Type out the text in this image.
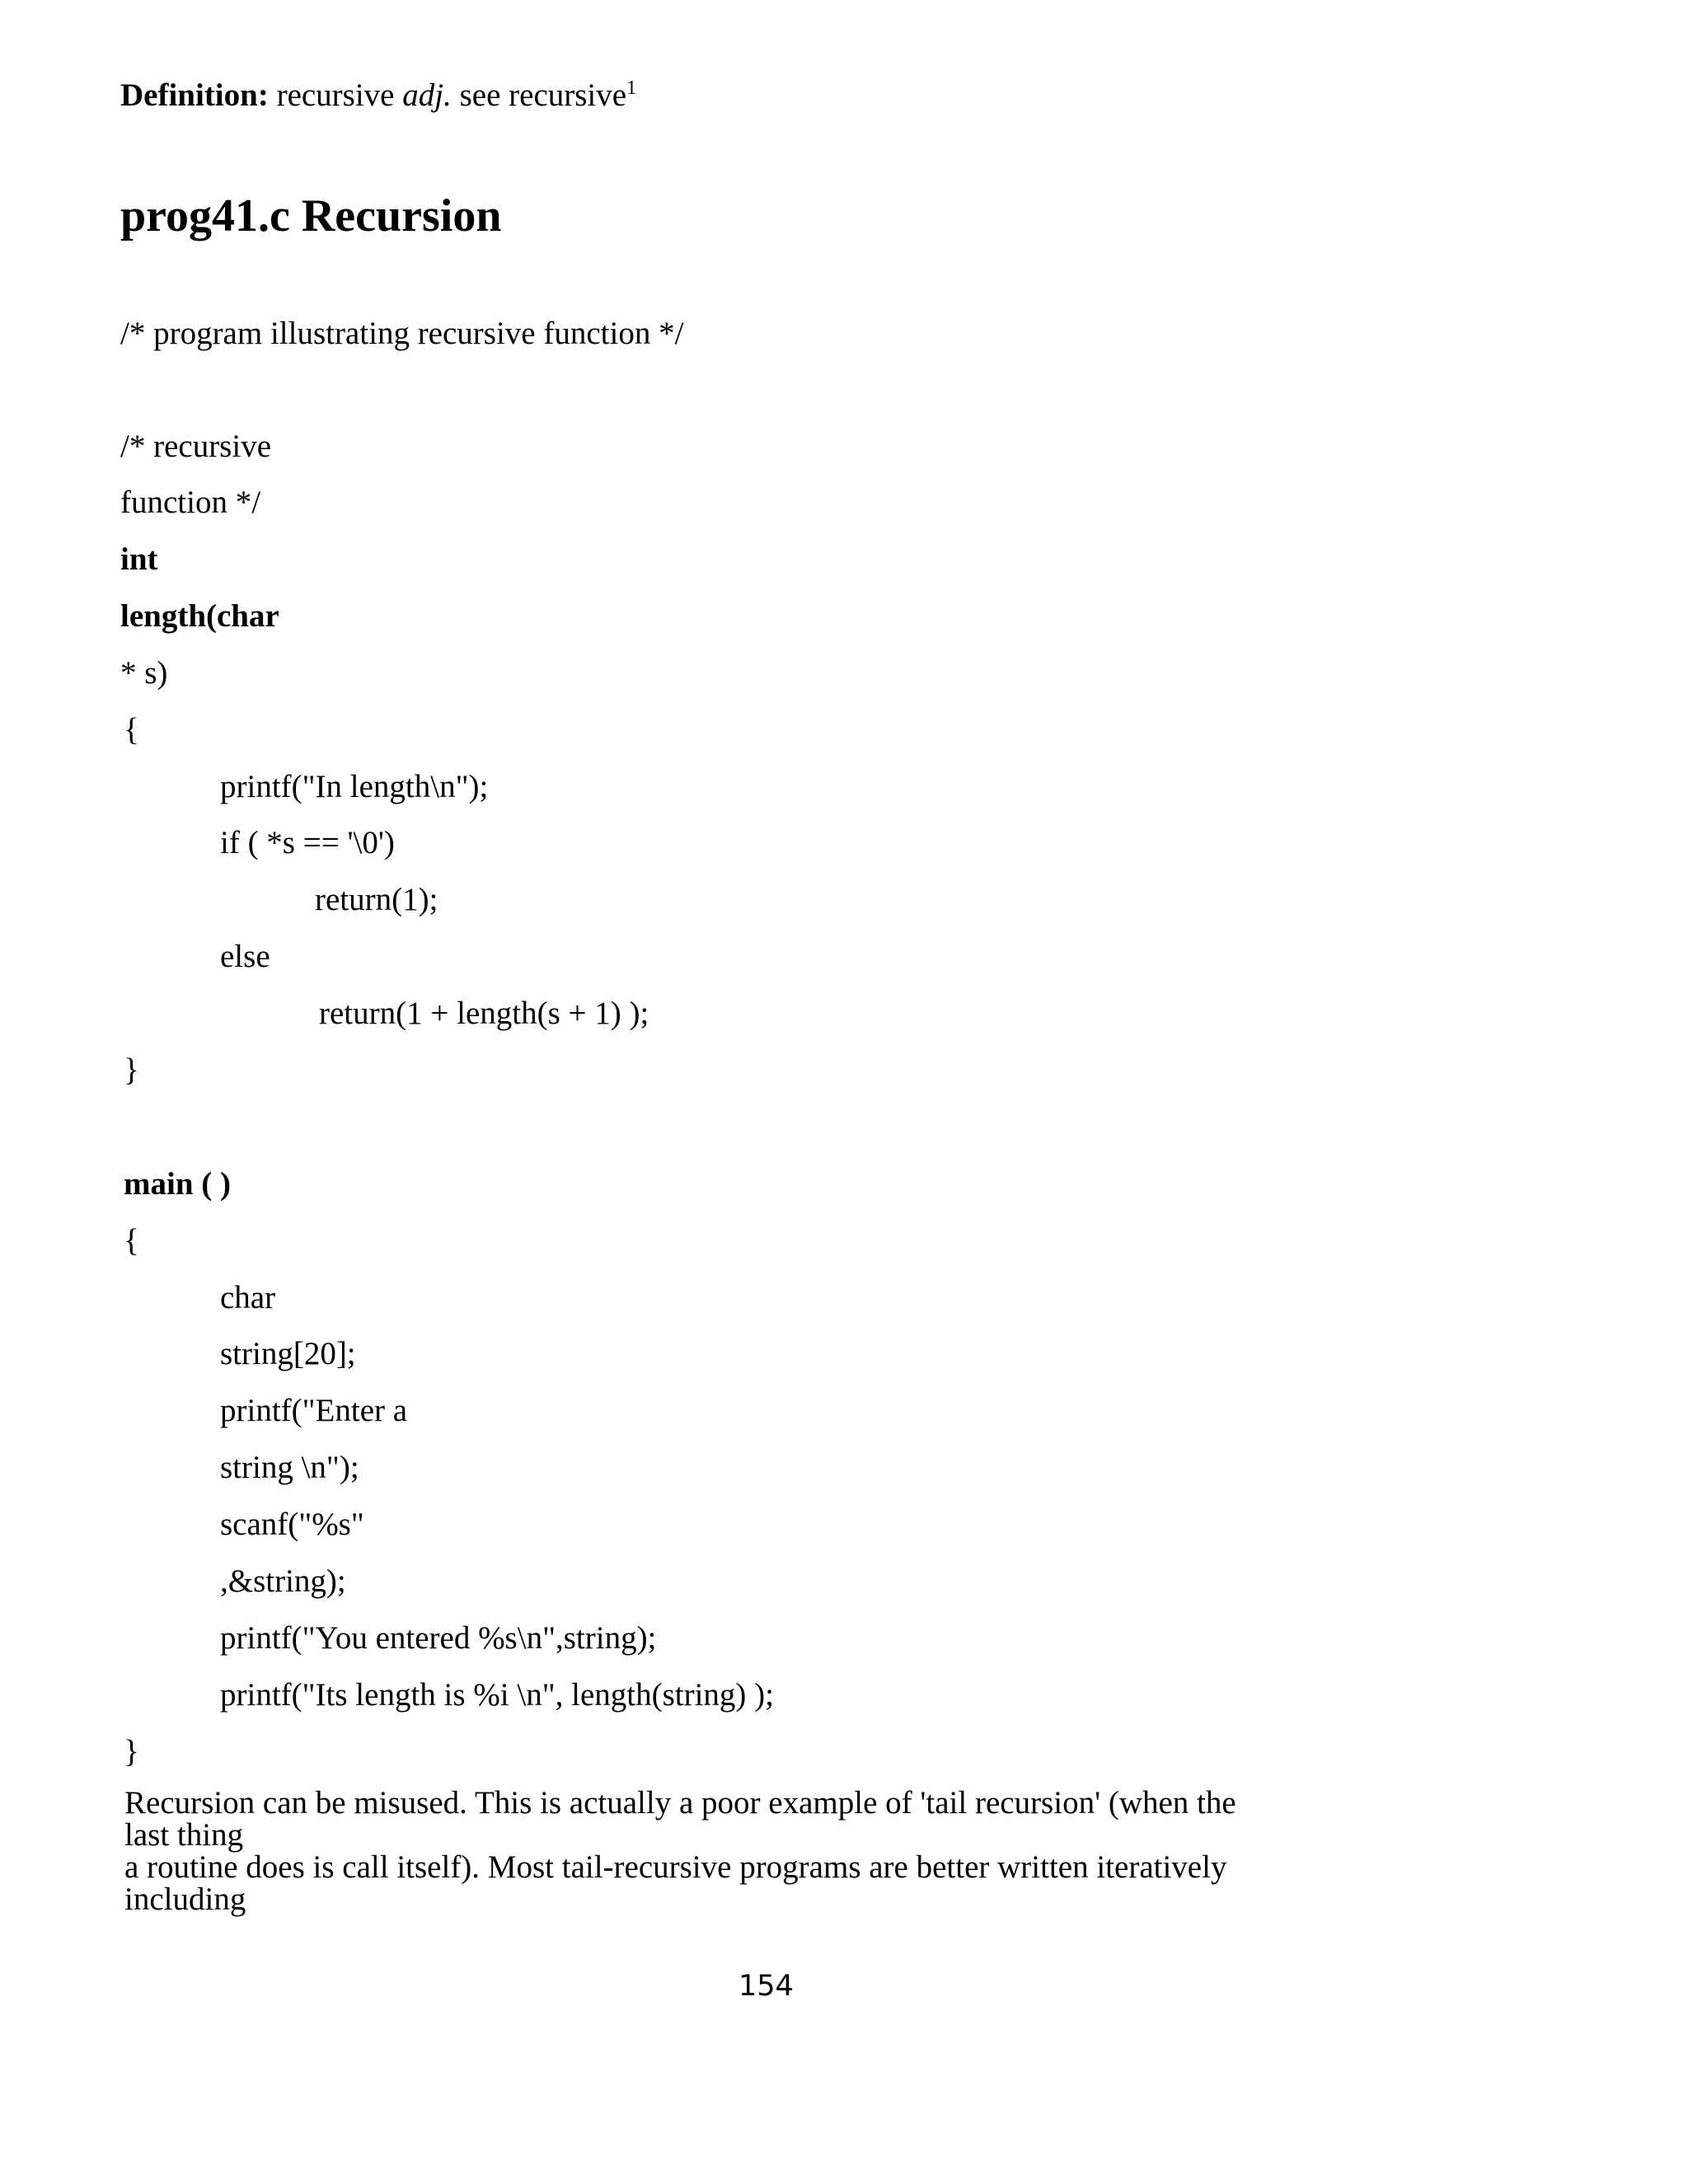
Definition: recursive adj. see recursive$^1$
prog41.c Recursion
/* program illustrating recursive function */
/* recursive
function */
int
length(char
* s)
{
printf("In length\n");
if ( *s == '\0')
return(1);
else
return(1 + length(s + 1) );
}
main ( )
{
char
string[20];
printf("Enter a
string \n");
scanf("%s"
,&string);
printf("You entered %s\n",string);
printf("Its length is %i \n", length(string) );
}

Recursion can be misused. This is actually a poor example of 'tail recursion' (when the
last thing
a routine does is call itself). Most tail-recursive programs are better written iteratively
including

154
